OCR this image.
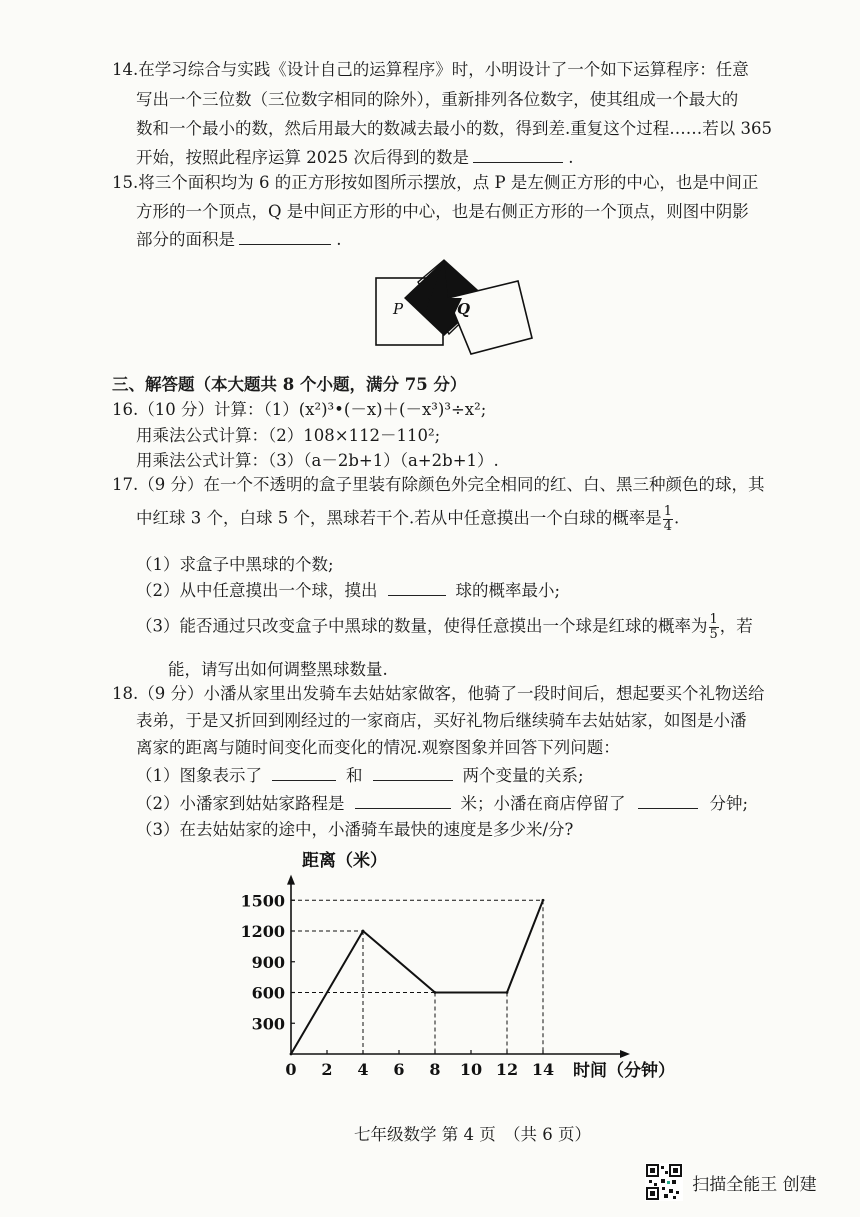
14.在学习综合与实践《设计自己的运算程序》时，小明设计了一个如下运算程序：任意
写出一个三位数（三位数字相同的除外），重新排列各位数字，使其组成一个最大的
数和一个最小的数，然后用最大的数减去最小的数，得到差.重复这个过程……若以 365
开始，按照此程序运算 2025 次后得到的数是	.
15.将三个面积均为 6 的正方形按如图所示摆放，点 P 是左侧正方形的中心，也是中间正
方形的一个顶点，Q 是中间正方形的中心，也是右侧正方形的一个顶点，则图中阴影
部分的面积是	.
P	Q
三、解答题（本大题共 8 个小题，满分 75 分）
16.（10 分）计算：（1）(x²)³•(－x)＋(－x³)³÷x²;
用乘法公式计算：（2）108×112－110²;
用乘法公式计算：（3）（a－2b+1）（a+2b+1）.
17.（9 分）在一个不透明的盒子里装有除颜色外完全相同的红、白、黑三种颜色的球，其
中红球 3 个，白球 5 个，黑球若干个.若从中任意摸出一个白球的概率是 $\frac{1}{4}$ .
（1）求盒子中黑球的个数;
（2）从中任意摸出一个球，摸出	球的概率最小;
（3）能否通过只改变盒子中黑球的数量，使得任意摸出一个球是红球的概率为 $\frac{1}{5}$ ，若
能，请写出如何调整黑球数量.
18.（9 分）小潘从家里出发骑车去姑姑家做客，他骑了一段时间后，想起要买个礼物送给
表弟，于是又折回到刚经过的一家商店，买好礼物后继续骑车去姑姑家，如图是小潘
离家的距离与随时间变化而变化的情况.观察图象并回答下列问题：
（1）图象表示了	和	两个变量的关系;
（2）小潘家到姑姑家路程是	米；小潘在商店停留了	分钟;
（3）在去姑姑家的途中，小潘骑车最快的速度是多少米/分?
0 2 4 6 8 10 12 14
300
600
900
1200
1500
距离（米）
时间（分钟）
七年级数学 第 4 页　（共 6 页）
扫描全能王 创建
